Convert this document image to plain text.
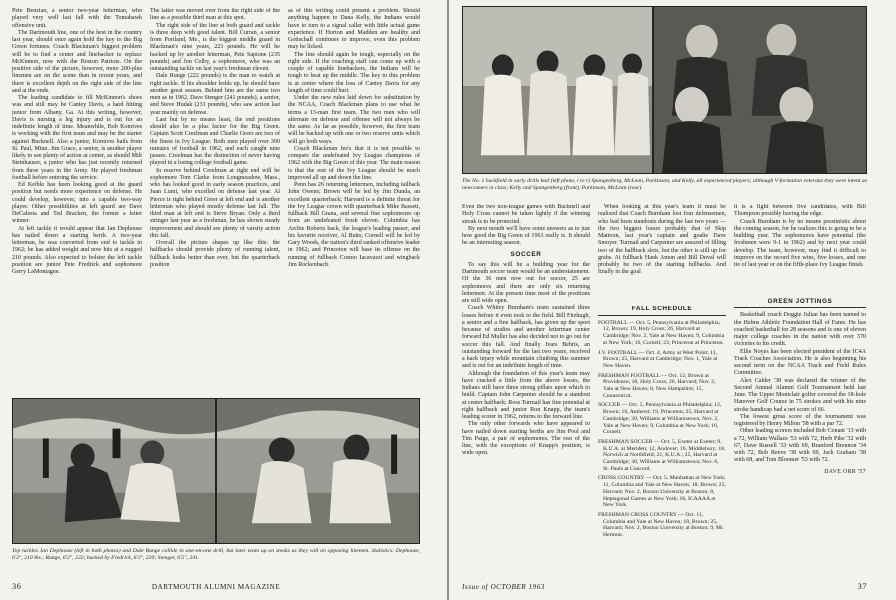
Pete Benzian, a senior two-year letterman, who played very well last fall with the Tomahawk offensive unit.

The Dartmouth line, one of the best in the country last year, should once again hold the key to the Big Green fortunes. Coach Blackman's biggest problem will be to find a center and linebacker to replace McKinnon, now with the Boston Patriots. On the positive side of the picture, however, more 200-plus linemen are on the scene than in recent years, and there is excellent depth on the right side of the line and at the ends.

The leading candidate to fill McKinnon's shoes was and still may be Cantey Davis, a hard hitting junior from Albany, Ga. At this writing, however, Davis is nursing a leg injury and is out for an indefinite length of time. Meanwhile, Bob Komives is working with the first team and may be the starter against Bucknell. Also a junior, Komives hails from St. Paul, Minn. Jim Grace, a senior, is another player likely to see plenty of action at center, as should Milt Steinhauser, a junior who has just recently returned from three years in the Army. He played freshman football before entering the service.

Ed Keible has been looking good at the guard position but needs more experience on defense. He could develop, however, into a capable two-way player. Other possibilities at left guard are Dave DeCalesta and Ted Bracken, the former a letter winner.

At left tackle it would appear that Jan Dephouse has nailed down a starting berth. A two-year letterman, he was converted from end to tackle in 1962; he has added weight and now hits at a rugged 210 pounds. Also expected to bolster the left tackle position are junior Pete Fredrick and sophomore Gerry LaMontagne.

The latter was moved over from the right side of the line as a possible third man at this spot.

The right side of the line at both guard and tackle is three deep with good talent. Bill Curran, a senior from Portland, Me., is the biggest middle guard in Blackman's nine years, 223 pounds. He will be backed up by another letterman, Pete Sapione (235 pounds) and Jon Colby, a sophomore, who was an outstanding tackle on last year's freshman eleven.

Dale Runge (222 pounds) is the man to watch at right tackle. If his shoulder holds up, he should have another great season. Behind him are the same two men as in 1962, Dave Stenger (241 pounds), a senior, and Steve Hudak (231 pounds), who saw action last year mainly on defense.

Last but by no means least, the end positions should also be a plus factor for the Big Green. Captain Scott Creelman and Charlie Greer are two of the finest in Ivy League. Both men played over 300 minutes of football in 1962, and each caught nine passes. Creelman has the distinction of never having played in a losing college football game.

In reserve behind Creelman at right end will be sophomore Tom Clarke from Longmeadow, Mass., who has looked good in early season practices, and Juan Lumi, who excelled on defense last year. Al Pierce is right behind Greer at left end and is another letterman who played mostly defense last fall. The third man at left end is Steve Bryan. Only a third stringer last year as a freshman, he has shown steady improvement and should see plenty of varsity action this fall.

Overall the picture shapes up like this: the halfbacks should provide plenty of running talent, fullback looks better than ever, but the quarterback position

as of this writing could present a problem. Should anything happen to Dana Kelly, the Indians would have to turn to a signal caller with little actual game experience. If Horton and Madden are healthy and Gottschall continues to improve, even this problem may be licked.

The line should again be tough, especially on the right side. If the coaching staff can come up with a couple of capable linebackers, the Indians will be tough to beat up the middle. The key to this problem is at center where the loss of Cantey Davis for any length of time could hurt.

Under the new rules laid down for substitution by the NCAA, Coach Blackman plans to use what he terms a 13-man first team. The two men who will alternate on defense and offense will not always be the same. As far as possible, however, the first team will be backed up with one or two reserve units which will go both ways.

Coach Blackman fee's that it is not possible to compare the undefeated Ivy League champions of 1962 with the Big Green of this year. The main reason is that the rest of the Ivy League should be much improved all up and down the line.

Penn has 26 returning lettermen, including tailback John Owens; Brown will be led by Jim Dunda, an excellent quarterback; Harvard is a definite threat for the Ivy League crown with quarterback Mike Bassett, fullback Bill Grana, and several fine sophomores up from an undefeated frosh eleven. Columbia has Archie Roberts back, the league's leading passer, and his favorite receiver, Al Butts; Cornell will be led by Gary Woods, the nation's third ranked offensive leader in 1962; and Princeton will base its offense on the running of fullback Cosmo Iacavazzi and wingback Jim Rockenbach.

Top tackles Jan Dephouse (left in both photos) and Dale Runge collide in one-on-one drill, but later team up on steaks as they will on opposing linemen. Statistics: Dephouse, 6'3", 210 lbs.; Runge, 6'2", 222; backed by Fredrick, 6'3", 220; Stenger, 6'5", 241.
36	DARTMOUTH ALUMNI MAGAZINE
The No. 1 backfield in early drills had (left photo, l to r) Spangenberg, McLean, Parkinson, and Kelly, all experienced players; although V-formation veterans they were intent as newcomers in class; Kelly and Spangenberg (front), Parkinson, McLean (rear).

Even the two non-league games with Bucknell and Holy Cross cannot be taken lightly if the winning streak is to be protected.

By next month we'll have some answers as to just how good the Big Green of 1963 really is. It should be an interesting season.

SOCCER

To say this will be a building year for the Dartmouth soccer team would be an understatement. Of the 36 men now out for soccer, 25 are sophomores and there are only six returning lettermen. At the present time most of the positions are still wide open.

Coach Whitey Burnham's team sustained three losses before it even took to the field. Bill Fitzhugh, a senior and a fine halfback, has given up the sport because of studies and another letterman center forward Ed Muller has also decided not to go out for soccer this fall. And finally Ivars Bebris, an outstanding forward for the last two years, received a back injury while mountain climbing this summer and is out for an indefinite length of time.

Although the foundation of this year's team may have cracked a little from the above losses, the Indians still have three strong pillars upon which to build. Captain John Carpenter should be a standout at center halfback; Ross Turmail has fine potential at right halfback and junior Ron Knapp, the team's leading scorer in 1962, returns to the forward line.

The only other forwards who have appeared to have nailed down starting berths are Jim Pool and Tim Paige, a pair of sophomores. The rest of the line, with the exceptions of Knapp's position, is wide open.

When looking at this year's team it must be realized that Coach Burnham lost four defensemen, who had been standouts during the last two years — the two biggest losses probably that of Skip Mattoon, last year's captain and goalie Dave Smoyer. Turmail and Carpenter are assured of filling two of the halfback slots, but the other is still up for grabs. At fullback Hank Amon and Bill Duval will probably be two of the starting fullbacks. And finally in the goal

FALL SCHEDULE
FOOTBALL — Oct. 5, Pennsylvania at Philadelphia; 12, Brown; 19, Holy Cross; 26, Harvard at Cambridge; Nov. 2, Yale at New Haven; 9, Columbia at New York; 16, Cornell; 23, Princeton at Princeton.
J.V. FOOTBALL — Oct. 4, Army at West Point; 11, Brown; 25, Harvard at Cambridge; Nov. 1, Yale at New Haven.
FRESHMAN FOOTBALL — Oct. 12, Brown at Providence; 18, Holy Cross; 26, Harvard; Nov. 2, Yale at New Haven; 8, New Hampshire; 15, Connecticut.
SOCCER — Oct. 5, Pennsylvania at Philadelphia; 12, Brown; 16, Amherst; 19, Princeton; 25, Harvard at Cambridge; 30, Williams at Williamstown; Nov. 2, Yale at New Haven; 9, Columbia at New York; 16, Cornell.
FRESHMAN SOCCER — Oct. 5, Exeter at Exeter; 9, K.U.A. at Meriden; 12, Andover; 16, Middlebury; 18, Norwich at Northfield; 21, K.U.A.; 25, Harvard at Cambridge; 30, Williams at Williamstown; Nov. 6, St. Pauls at Concord.
CROSS COUNTRY — Oct. 5, Manhattan at New York; 11, Columbia and Yale at New Haven; 18, Brown; 25, Harvard; Nov. 2, Boston University at Boston; 8, Heptagonal Games at New York; 18, ICAAAA at New York.
FRESHMAN CROSS COUNTRY — Oct. 11, Columbia and Yale at New Haven; 18, Brown; 25, Harvard; Nov. 2, Boston University at Boston; 9, Mt. Hermon.

it is a fight between five candidates, with Bill Thompson possibly having the edge.

Coach Burnham is by no means pessimistic about the coming season, for he realizes this is going to be a building year. The sophomores have potential (the freshmen were 9-1 in 1962) and by next year could develop. The team, however, may find it difficult to improve on the record five wins, five losses, and one tie of last year or on the fifth-place Ivy League finish.

GREEN JOTTINGS

Basketball coach Doggie Julian has been named to the Helms Athletic Foundation Hall of Fame. He has coached basketball for 28 seasons and is one of eleven major college coaches in the nation with over 370 victories to his credit.

Ellie Noyes has been elected president of the IC4A Track Coaches Association. He is also beginning his second term on the NCAA Track and Field Rules Committee.

Alex Calder '38 was declared the winner of the Second Annual Alumni Golf Tournament held last June. The Upper Montclair golfer covered the 18-hole Hanover Golf Course in 75 strokes and with his nine stroke handicap had a net score of 66.

The lowest gross score of the tournament was registered by Henry Milton '58 with a par 72.

Other leading scorers included Bob Conant '13 with a 72, William Wallace '53 with 72, Herb Pike '32 with 67, Dave Russell '33 with 69, Branford Brennon '34 with 72, Bob Reeve '38 with 69, Jack Graham '38 with 68, and Tom Bloomer '53 with 72.

DAVE ORR '57
Issue of OCTOBER 1963	37
